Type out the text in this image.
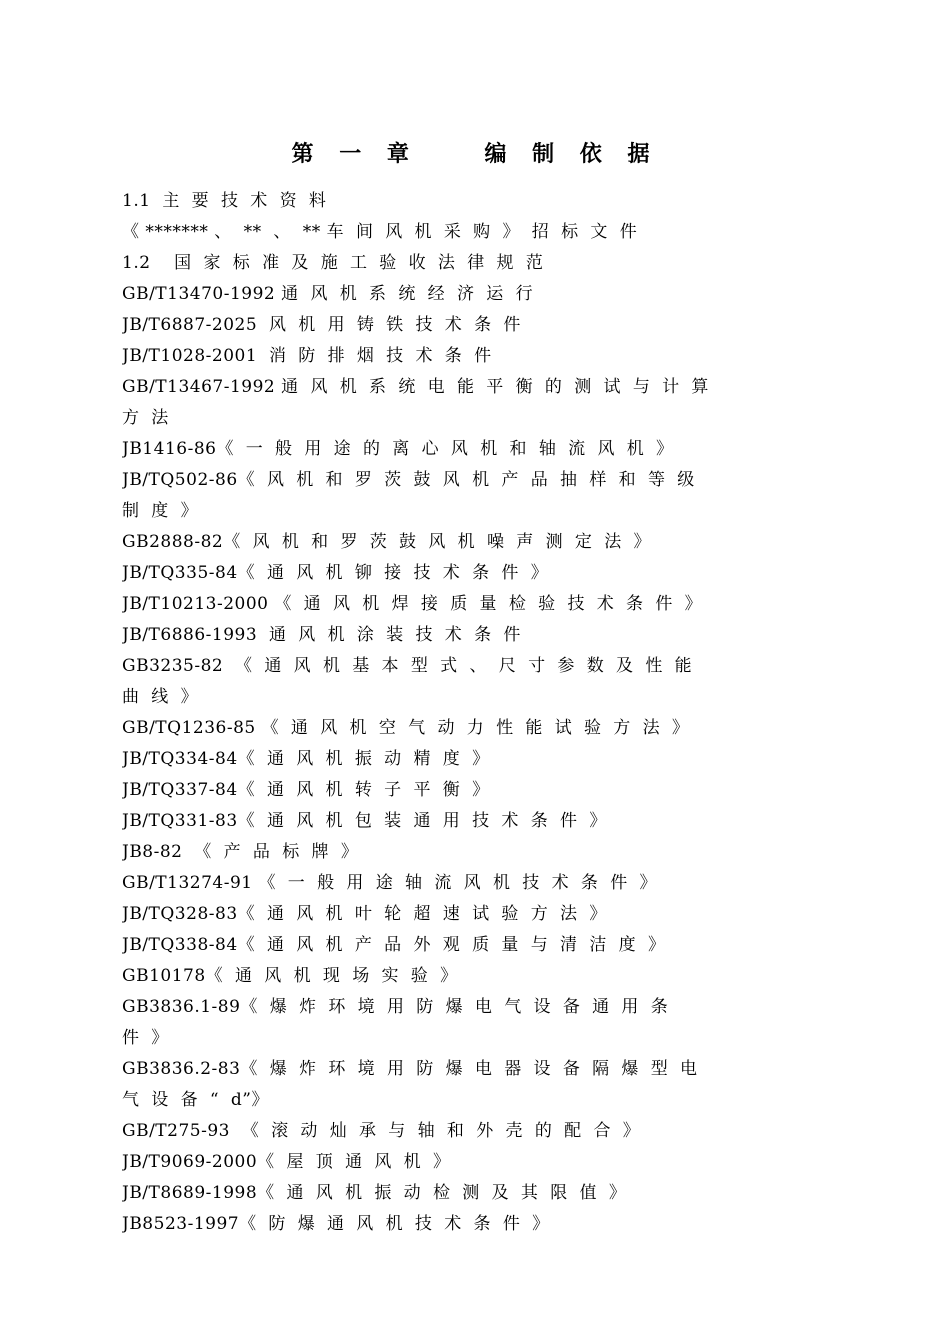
第 一 章    编 制 依 据
1.1  主  要  技  术  资  料
《 ******* 、  **  、  ** 车  间  风  机  采  购  》  招  标  文  件
1.2    国  家  标  准  及  施  工  验  收  法  律  规  范
GB/T13470-1992 通  风  机  系  统  经  济  运  行
JB/T6887-2025  风  机  用  铸  铁  技  术  条  件
JB/T1028-2001  消  防  排  烟  技  术  条  件
GB/T13467-1992 通  风  机  系  统  电  能  平  衡  的  测  试  与  计  算
方  法
JB1416-86《  一  般  用  途  的  离  心  风  机  和  轴  流  风  机  》
JB/TQ502-86《  风  机  和  罗  茨  鼓  风  机  产  品  抽  样  和  等  级
制  度  》
GB2888-82《  风  机  和  罗  茨  鼓  风  机  噪  声  测  定  法  》
JB/TQ335-84《  通  风  机  铆  接  技  术  条  件  》
JB/T10213-2000 《  通  风  机  焊  接  质  量  检  验  技  术  条  件  》
JB/T6886-1993  通  风  机  涂  装  技  术  条  件
GB3235-82  《  通  风  机  基  本  型  式  、  尺  寸  参  数  及  性  能
曲  线  》
GB/TQ1236-85 《  通  风  机  空  气  动  力  性  能  试  验  方  法  》
JB/TQ334-84《  通  风  机  振  动  精  度  》
JB/TQ337-84《  通  风  机  转  子  平  衡  》
JB/TQ331-83《  通  风  机  包  装  通  用  技  术  条  件  》
JB8-82  《  产  品  标  牌  》
GB/T13274-91 《  一  般  用  途  轴  流  风  机  技  术  条  件  》
JB/TQ328-83《  通  风  机  叶  轮  超  速  试  验  方  法  》
JB/TQ338-84《  通  风  机  产  品  外  观  质  量  与  清  洁  度  》
GB10178《  通  风  机  现  场  实  验  》
GB3836.1-89《  爆  炸  环  境  用  防  爆  电  气  设  备  通  用  条
件  》
GB3836.2-83《  爆  炸  环  境  用  防  爆  电  器  设  备  隔  爆  型  电
气  设  备  “  d”》
GB/T275-93  《  滚  动  灿  承  与  轴  和  外  壳  的  配  合  》
JB/T9069-2000《  屋  顶  通  风  机  》
JB/T8689-1998《  通  风  机  振  动  检  测  及  其  限  值  》
JB8523-1997《  防  爆  通  风  机  技  术  条  件  》
